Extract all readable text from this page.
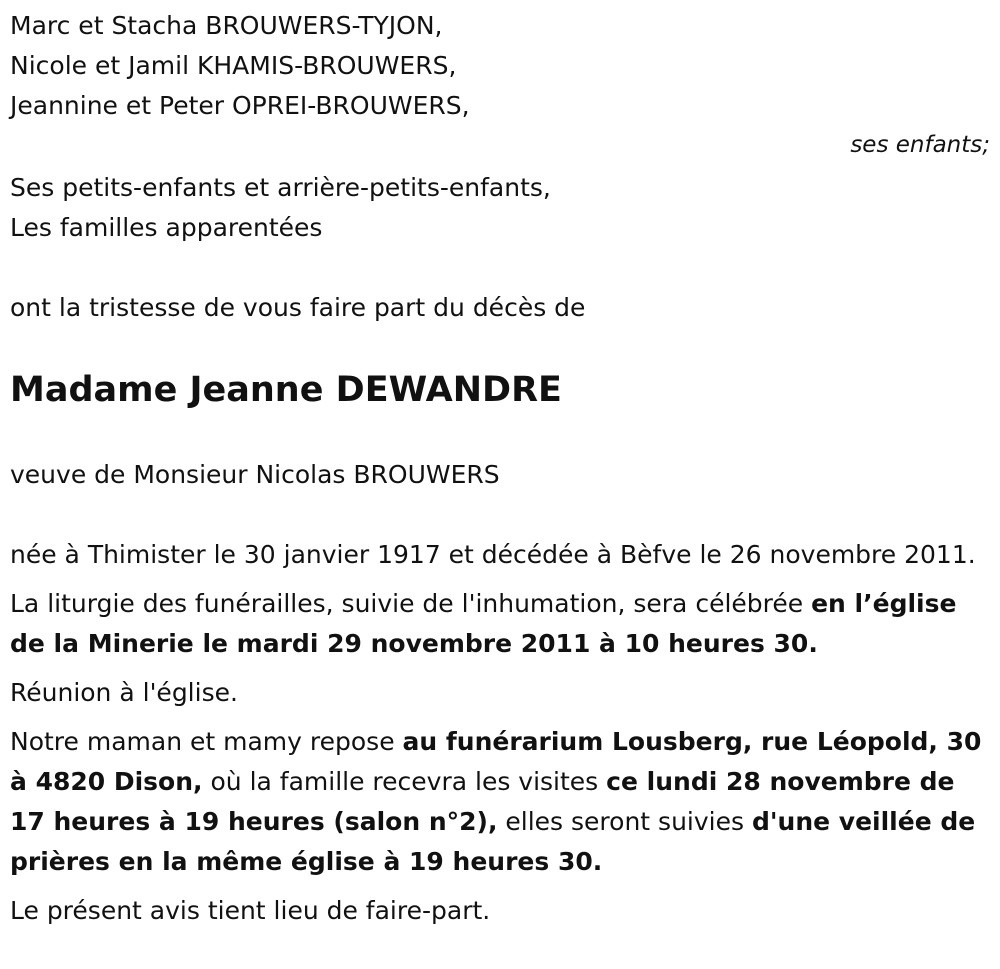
Marc et Stacha BROUWERS-TYJON,
Nicole et Jamil KHAMIS-BROUWERS,
Jeannine et Peter OPREI-BROUWERS,
ses enfants;
Ses petits-enfants et arrière-petits-enfants,
Les familles apparentées
ont la tristesse de vous faire part du décès de
Madame Jeanne DEWANDRE
veuve de Monsieur Nicolas BROUWERS
née à Thimister le 30 janvier 1917 et décédée à Bèfve le 26 novembre 2011.
La liturgie des funérailles, suivie de l'inhumation, sera célébrée en l’église de la Minerie le mardi 29 novembre 2011 à 10 heures 30.
Réunion à l'église.
Notre maman et mamy repose au funérarium Lousberg, rue Léopold, 30 à 4820 Dison, où la famille recevra les visites ce lundi 28 novembre de 17 heures à 19 heures (salon n°2), elles seront suivies d'une veillée de prières en la même église à 19 heures 30.
Le présent avis tient lieu de faire-part.
